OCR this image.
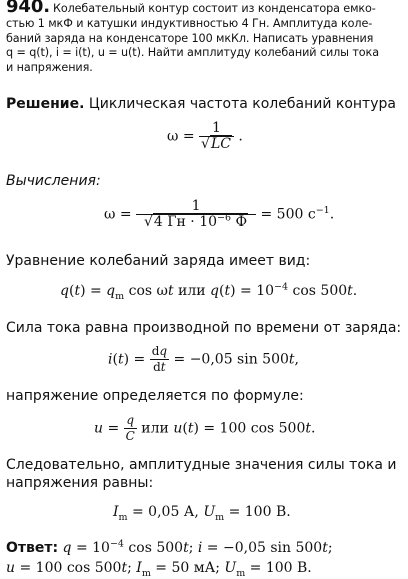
940. Колебательный контур состоит из конденсатора емко-
стью 1 мкФ и катушки индуктивностью 4 Гн. Амплитуда коле-
баний заряда на конденсаторе 100 мкКл. Написать уравнения
q = q(t), i = i(t), u = u(t). Найти амплитуду колебаний силы тока
и напряжения.
Решение. Циклическая частота колебаний контура
$\omega = \frac{1}{√LC}$ .
Вычисления:
$\omega = \frac{1}{√4 Гн \cdot 10^{-6} Ф} = 500$ $с^{-1}$.
Уравнение колебаний заряда имеет вид:
$q(t) = q_m$ cos ωt или $q(t) = 10^{-4}$ cos 500t.
Сила тока равна производной по времени от заряда:
$i(t) = \frac{dq}{dt} = -0,05$ sin 500t,
напряжение определяется по формуле:
$u = \frac{q}{C}$ или u(t) = 100 cos 500t.
Следовательно, амплитудные значения силы тока и
напряжения равны:
$I_m = 0,05$ А, $U_m = 100$ В.
Ответ: $q = 10^{-4}$ cos 500t; i = −0,05 sin 500t;
u = 100 cos 500t; $I_m = 50$ мА; $U_m = 100$ В.
